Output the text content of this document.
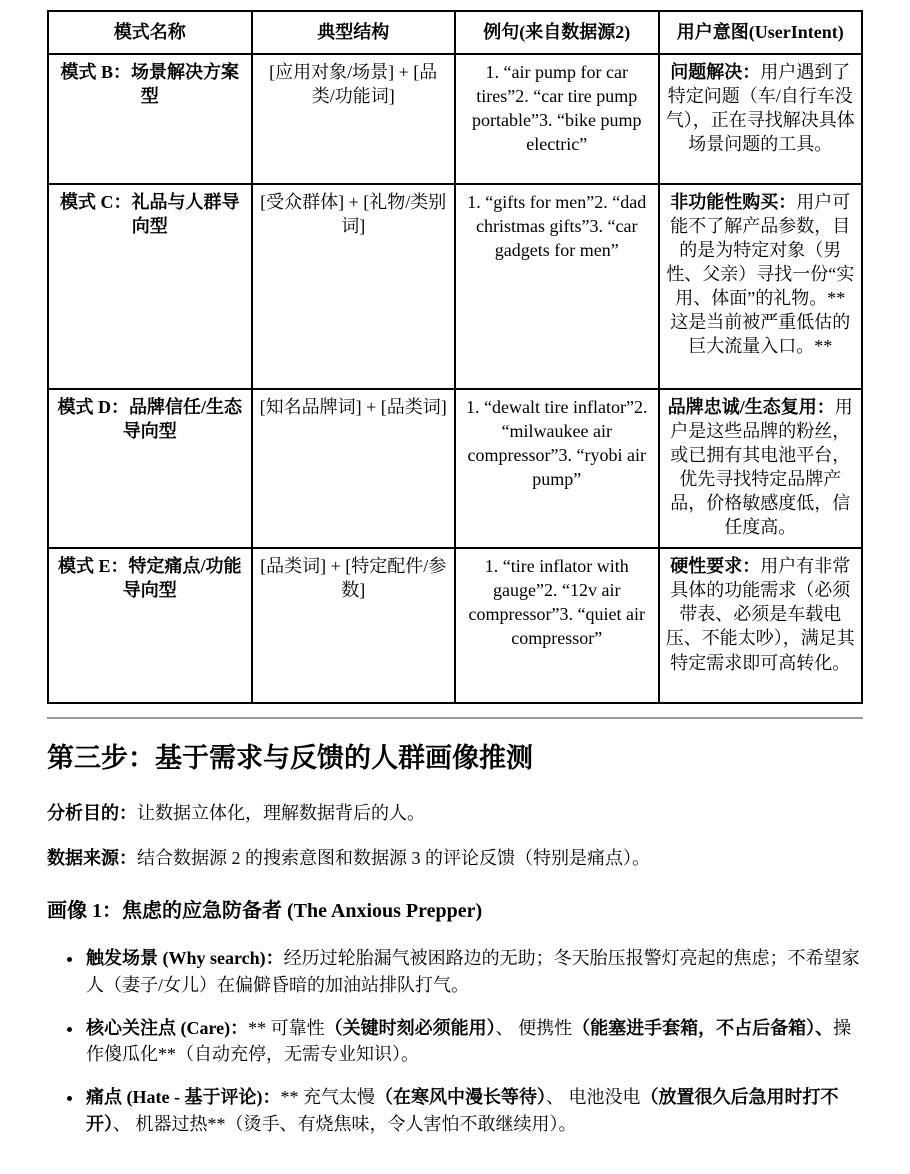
模式名称	典型结构	例句(来自数据源2)	用户意图(UserIntent)
模式 B：场景解决方案型	[应用对象/场景] + [品类/功能词]	1. “air pump for car tires”2. “car tire pump portable”3. “bike pump electric”	问题解决：用户遇到了特定问题（车/自行车没气），正在寻找解决具体场景问题的工具。
模式 C：礼品与人群导向型	[受众群体] + [礼物/类别词]	1. “gifts for men”2. “dad christmas gifts”3. “car gadgets for men”	非功能性购买：用户可能不了解产品参数，目的是为特定对象（男性、父亲）寻找一份“实用、体面”的礼物。** 这是当前被严重低估的巨大流量入口。**
模式 D：品牌信任/生态导向型	[知名品牌词] + [品类词]	1. “dewalt tire inflator”2. “milwaukee air compressor”3. “ryobi air pump”	品牌忠诚/生态复用：用户是这些品牌的粉丝，或已拥有其电池平台，优先寻找特定品牌产品，价格敏感度低，信任度高。
模式 E：特定痛点/功能导向型	[品类词] + [特定配件/参数]	1. “tire inflator with gauge”2. “12v air compressor”3. “quiet air compressor”	硬性要求：用户有非常具体的功能需求（必须带表、必须是车载电压、不能太吵），满足其特定需求即可高转化。
第三步：基于需求与反馈的人群画像推测

分析目的：让数据立体化，理解数据背后的人。

数据来源：结合数据源 2 的搜索意图和数据源 3 的评论反馈（特别是痛点）。

画像 1：焦虑的应急防备者 (The Anxious Prepper)
• 触发场景 (Why search)：经历过轮胎漏气被困路边的无助；冬天胎压报警灯亮起的焦虑；不希望家人（妻子/女儿）在偏僻昏暗的加油站排队打气。
• 核心关注点 (Care)：** 可靠性（关键时刻必须能用）、 便携性（能塞进手套箱，不占后备箱）、操作傻瓜化**（自动充停，无需专业知识）。
• 痛点 (Hate - 基于评论)：** 充气太慢（在寒风中漫长等待）、 电池没电（放置很久后急用时打不开）、 机器过热**（烫手、有烧焦味，令人害怕不敢继续用）。
